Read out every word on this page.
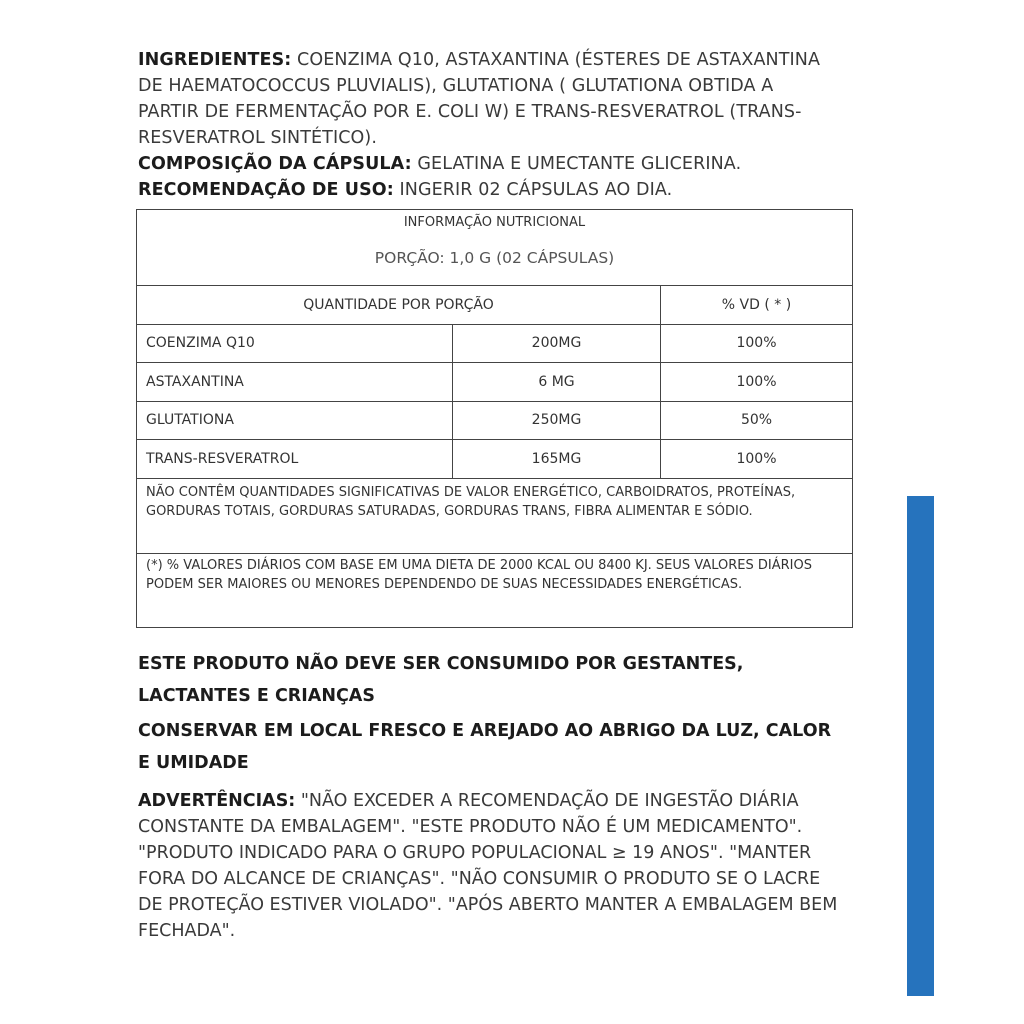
INGREDIENTES: COENZIMA Q10, ASTAXANTINA (ÉSTERES DE ASTAXANTINA DE HAEMATOCOCCUS PLUVIALIS), GLUTATIONA ( GLUTATIONA OBTIDA A PARTIR DE FERMENTAÇÃO POR E. COLI W) E TRANS-RESVERATROL (TRANS-RESVERATROL SINTÉTICO).

COMPOSIÇÃO DA CÁPSULA: GELATINA E UMECTANTE GLICERINA.

RECOMENDAÇÃO DE USO: INGERIR 02 CÁPSULAS AO DIA.

INFORMAÇÃO NUTRICIONAL
PORÇÃO: 1,0 G (02 CÁPSULAS)
QUANTIDADE POR PORÇÃO	% VD ( * )
COENZIMA Q10	200MG	100%
ASTAXANTINA	6 MG	100%
GLUTATIONA	250MG	50%
TRANS-RESVERATROL	165MG	100%
NÃO CONTÊM QUANTIDADES SIGNIFICATIVAS DE VALOR ENERGÉTICO, CARBOIDRATOS, PROTEÍNAS, GORDURAS TOTAIS, GORDURAS SATURADAS, GORDURAS TRANS, FIBRA ALIMENTAR E SÓDIO.
(*) % VALORES DIÁRIOS COM BASE EM UMA DIETA DE 2000 KCAL OU 8400 KJ. SEUS VALORES DIÁRIOS PODEM SER MAIORES OU MENORES DEPENDENDO DE SUAS NECESSIDADES ENERGÉTICAS.
ESTE PRODUTO NÃO DEVE SER CONSUMIDO POR GESTANTES, LACTANTES E CRIANÇAS
CONSERVAR EM LOCAL FRESCO E AREJADO AO ABRIGO DA LUZ, CALOR E UMIDADE
ADVERTÊNCIAS: "NÃO EXCEDER A RECOMENDAÇÃO DE INGESTÃO DIÁRIA CONSTANTE DA EMBALAGEM". "ESTE PRODUTO NÃO É UM MEDICAMENTO". "PRODUTO INDICADO PARA O GRUPO POPULACIONAL ≥ 19 ANOS". "MANTER FORA DO ALCANCE DE CRIANÇAS". "NÃO CONSUMIR O PRODUTO SE O LACRE DE PROTEÇÃO ESTIVER VIOLADO". "APÓS ABERTO MANTER A EMBALAGEM BEM FECHADA".
